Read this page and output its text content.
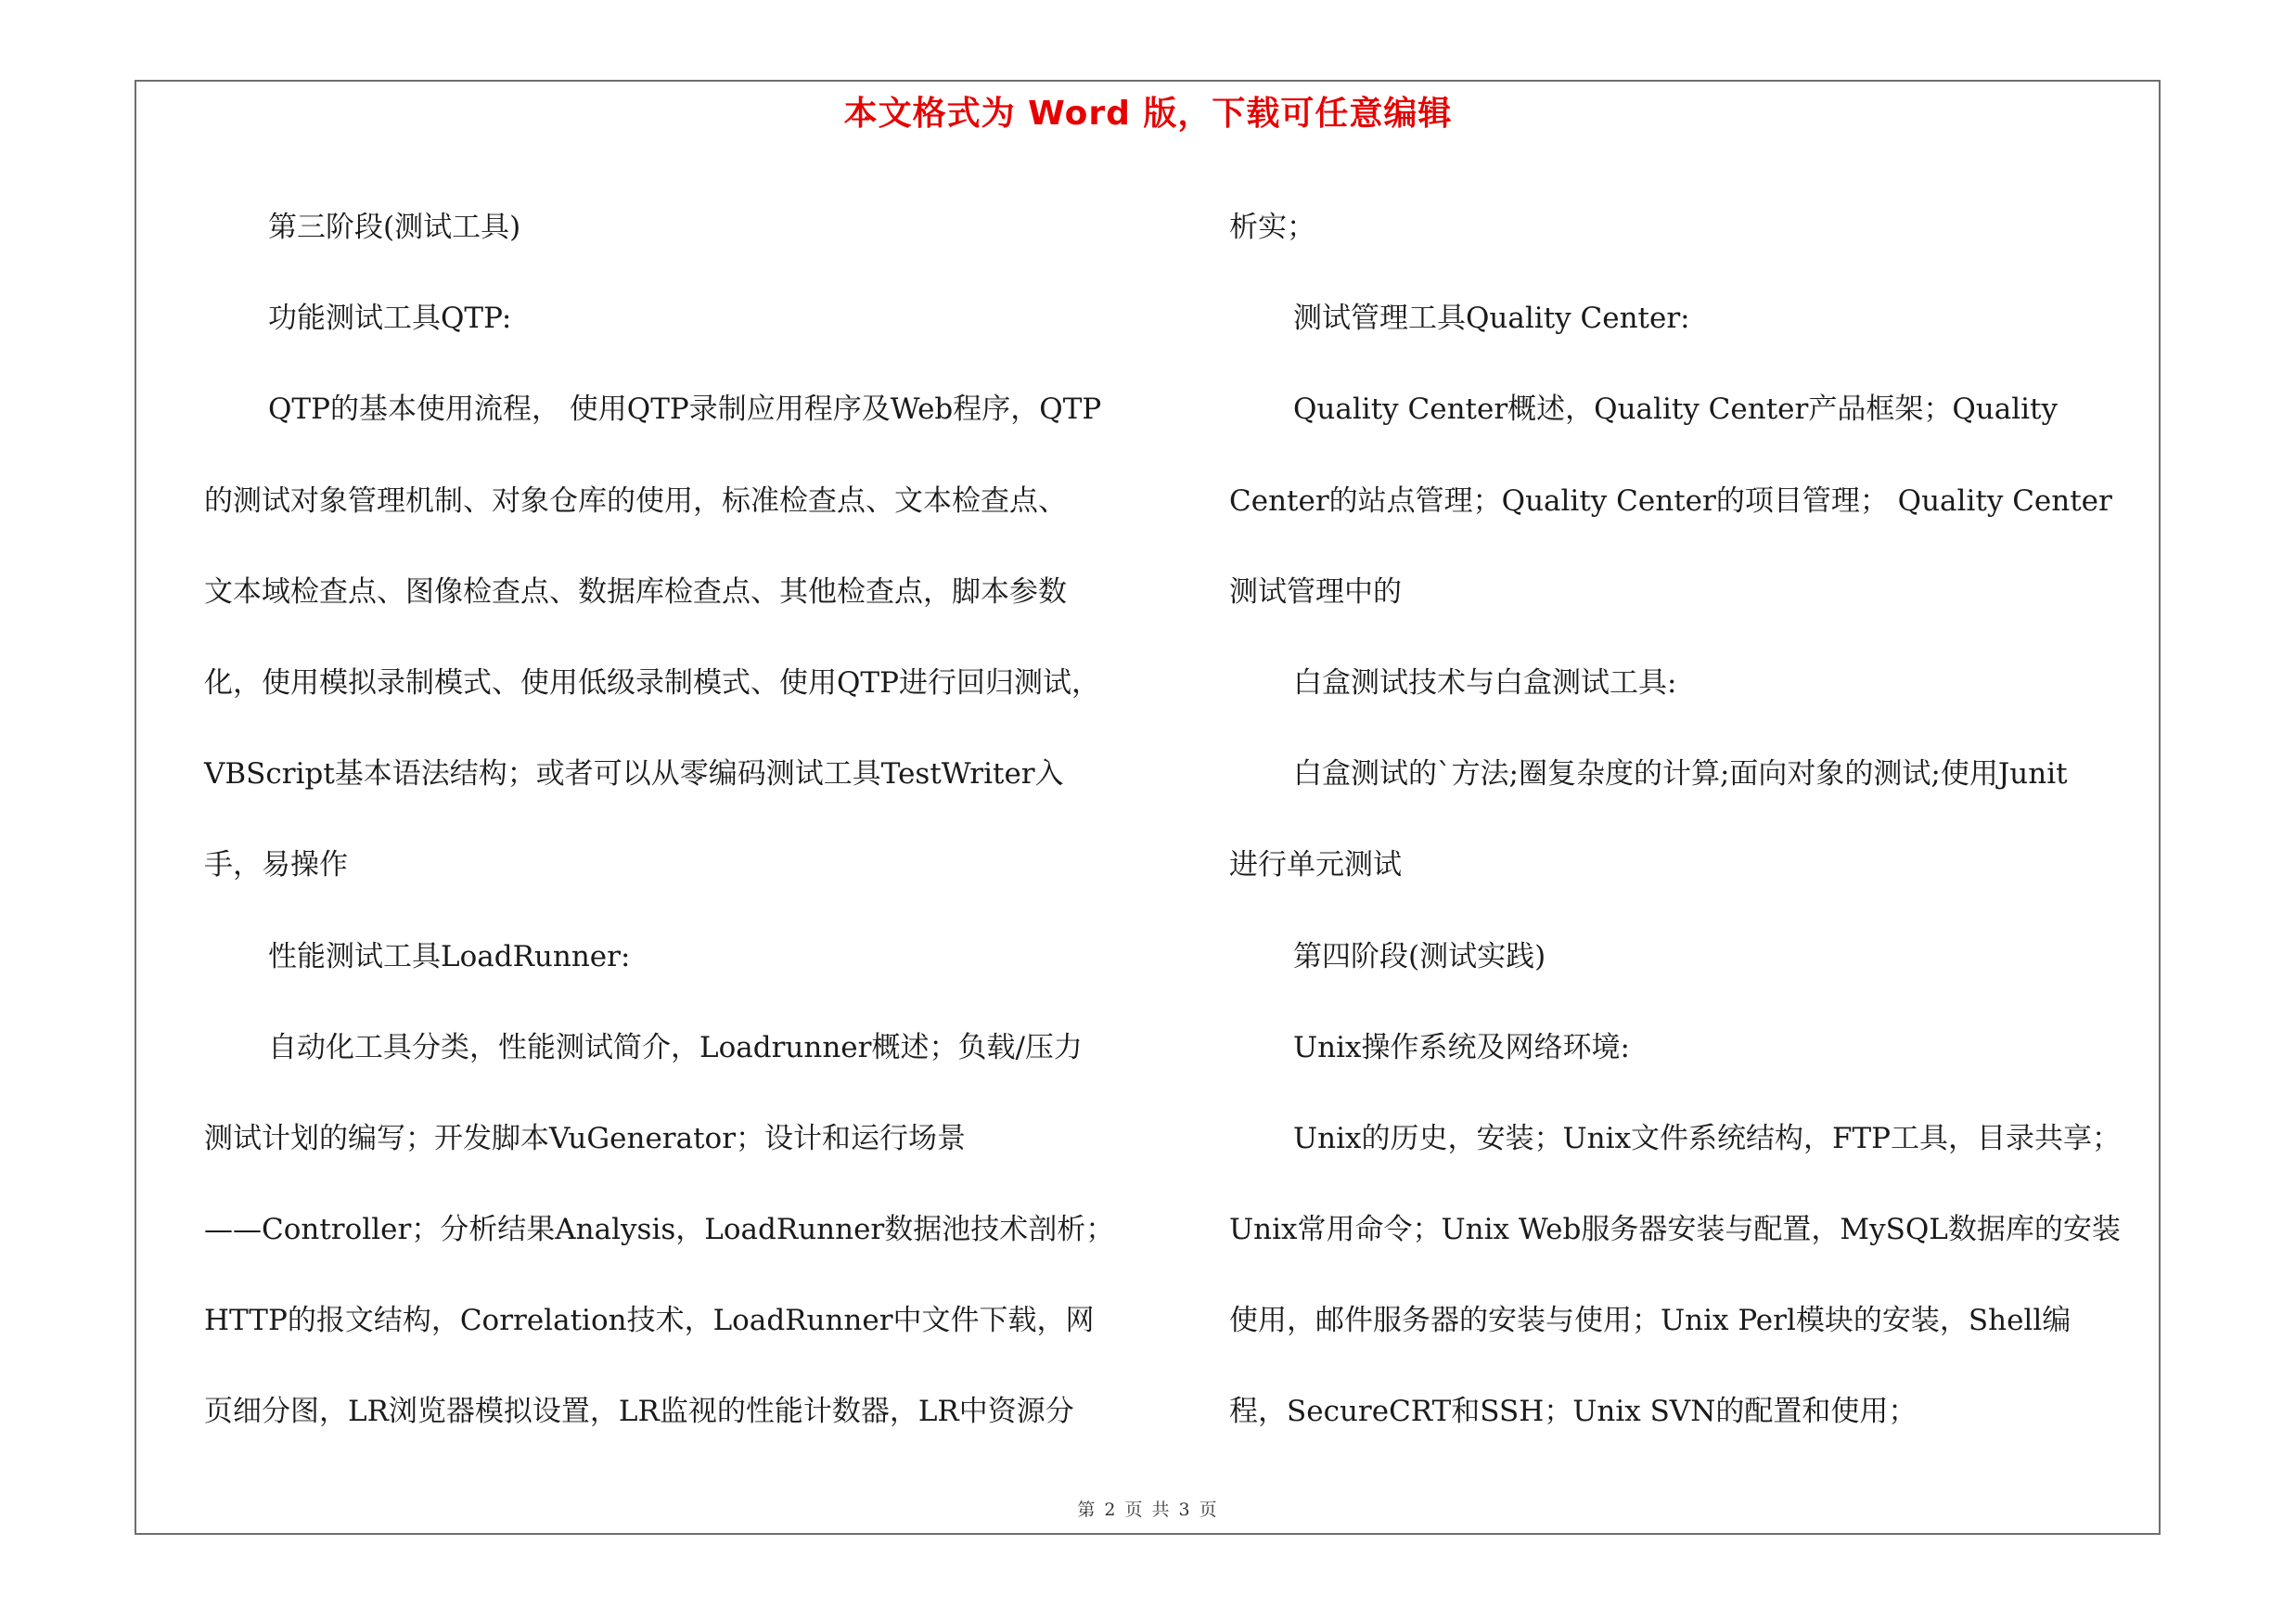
本文格式为 Word 版，下载可任意编辑
第三阶段(测试工具)
功能测试工具QTP:
QTP的基本使用流程， 使用QTP录制应用程序及Web程序，QTP
的测试对象管理机制、对象仓库的使用，标准检查点、文本检查点、
文本域检查点、图像检查点、数据库检查点、其他检查点，脚本参数
化，使用模拟录制模式、使用低级录制模式、使用QTP进行回归测试，
VBScript基本语法结构；或者可以从零编码测试工具TestWriter入
手，易操作
性能测试工具LoadRunner:
自动化工具分类，性能测试简介，Loadrunner概述；负载/压力
测试计划的编写；开发脚本VuGenerator；设计和运行场景
——Controller；分析结果Analysis，LoadRunner数据池技术剖析；
HTTP的报文结构，Correlation技术，LoadRunner中文件下载，网
页细分图，LR浏览器模拟设置，LR监视的性能计数器，LR中资源分
析实；
测试管理工具Quality Center:
Quality Center概述，Quality Center产品框架；Quality
Center的站点管理；Quality Center的项目管理； Quality Center
测试管理中的
白盒测试技术与白盒测试工具:
白盒测试的`方法;圈复杂度的计算;面向对象的测试;使用Junit
进行单元测试
第四阶段(测试实践)
Unix操作系统及网络环境:
Unix的历史，安装；Unix文件系统结构，FTP工具，目录共享；
Unix常用命令；Unix Web服务器安装与配置，MySQL数据库的安装
使用，邮件服务器的安装与使用；Unix Perl模块的安装，Shell编
程，SecureCRT和SSH；Unix SVN的配置和使用；
第 2 页 共 3 页
